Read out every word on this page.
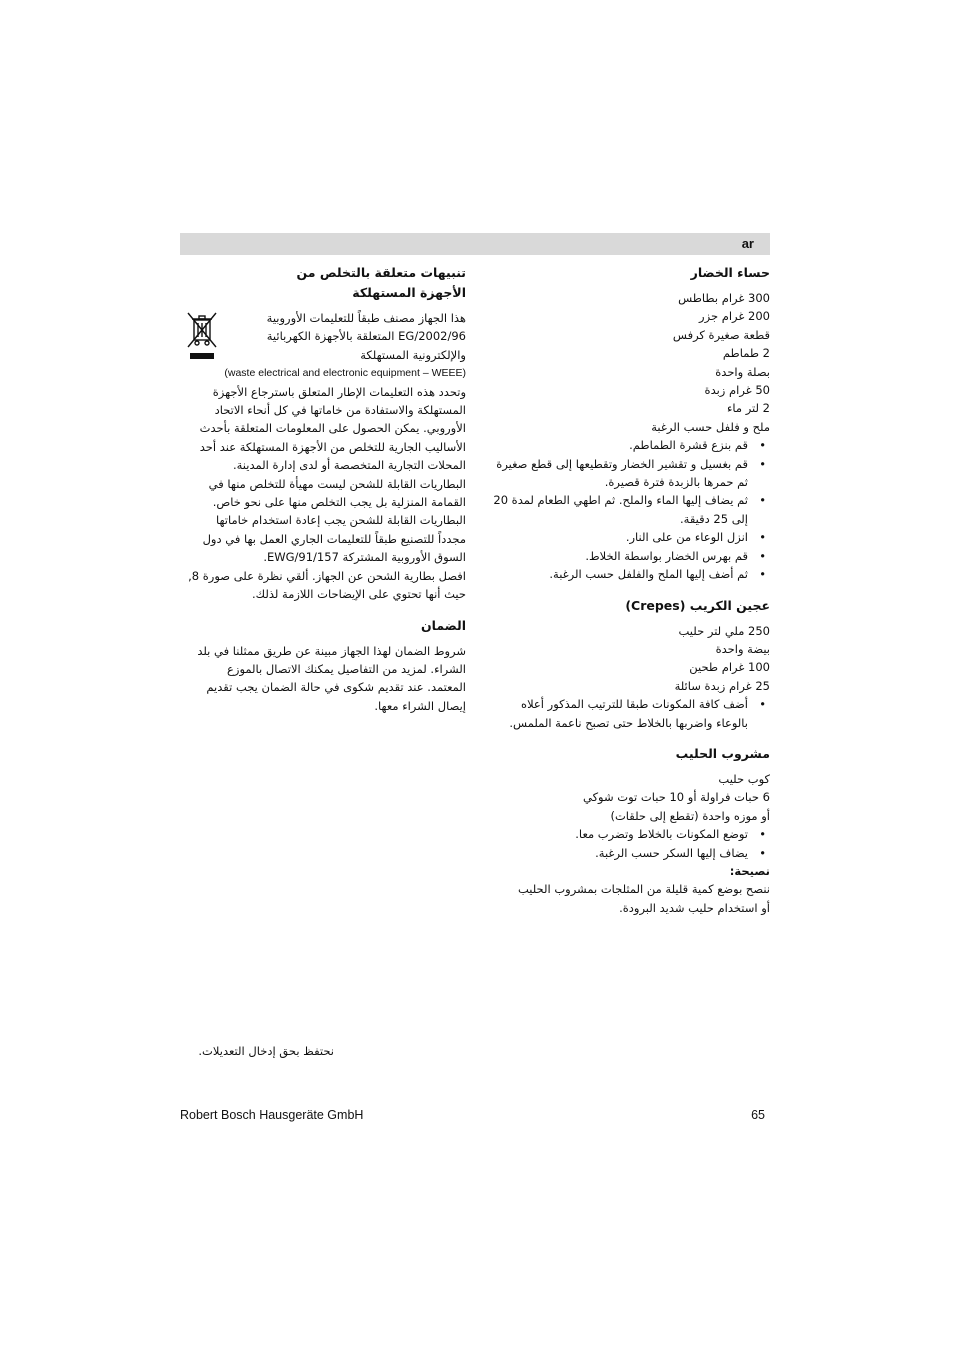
ar
حساء الخضار
300 غرام بطاطس
200 غرام جزر
قطعة صغيرة كرفس
2 طماطم
بصلة واحدة
50 غرام زبدة
2 لتر ماء
ملح و فلفل حسب الرغبة
• قم بنزع قشرة الطماطم.
• قم بغسيل و تقشير الخضار وتقطيعها إلى قطع صغيرة ثم حمرها بالزبدة فترة قصيرة.
• ثم يضاف إليها الماء والملح. ثم اطهي الطعام لمدة 20 إلى 25 دقيقة.
• انزل الوعاء من على النار.
• قم بهرس الخضار بواسطة الخلاط.
• ثم أضف إليها الملح والفلفل حسب الرغبة.
عجين الكريب (Crepes)
250 ملي لتر حليب
بيضة واحدة
100 غرام طحين
25 غرام زبدة سائلة
• أضف كافة المكونات طبقا للترتيب المذكور أعلاه بالوعاء واضربها بالخلاط حتى تصبح ناعمة الملمس.
مشروب الحليب
كوب حليب
6 حبات فراولة أو 10 حبات توت شوكي
أو موزه واحدة (تقطع إلى حلقات)
• توضع المكونات بالخلاط وتضرب معا.
• يضاف إليها السكر حسب الرغبة.
نصيحة:
ننصح بوضع كمية قليلة من المثلجات بمشروب الحليب
أو استخدام حليب شديد البرودة.
تنبيهات متعلقة بالتخلص من
الأجهزة المستهلكة
هذا الجهاز مصنف طبقاً للتعليمات الأوروبية
2002/96/EG المتعلقة بالأجهزة الكهربائية
والإلكترونية المستهلكة
(waste electrical and electronic equipment – WEEE)
وتحدد هذه التعليمات الإطار المتعلق باسترجاع الأجهزة المستهلكة والاستفادة من خاماتها في كل أنحاء الاتحاد الأوروبي. يمكن الحصول على المعلومات المتعلقة بأحدث الأساليب الجارية للتخلص من الأجهزة المستهلكة عند أحد المحلات التجارية المتخصصة أو لدى إدارة المدينة.
البطاريات القابلة للشحن ليست مهيأة للتخلص منها في القمامة المنزلية بل يجب التخلص منها على نحو خاص.
البطاريات القابلة للشحن يجب إعادة استخدام خاماتها مجدداً للتصنيع طبقاً للتعليمات الجاري العمل بها في دول السوق الأوروبية المشتركة 91/157/EWG.
افصل بطارية الشحن عن الجهاز. ألقي نظرة على صورة 8, حيث أنها تحتوي على الإيضاحات اللازمة لذلك.
الضمان
شروط الضمان لهذا الجهاز مبينة عن طريق ممثلنا في بلد الشراء. لمزيد من التفاصيل يمكنك الاتصال بالموزع المعتمد. عند تقديم شكوى في حالة الضمان يجب تقديم إيصال الشراء معها.
نحتفظ بحق إدخال التعديلات.
Robert Bosch Hausgeräte GmbH	65
